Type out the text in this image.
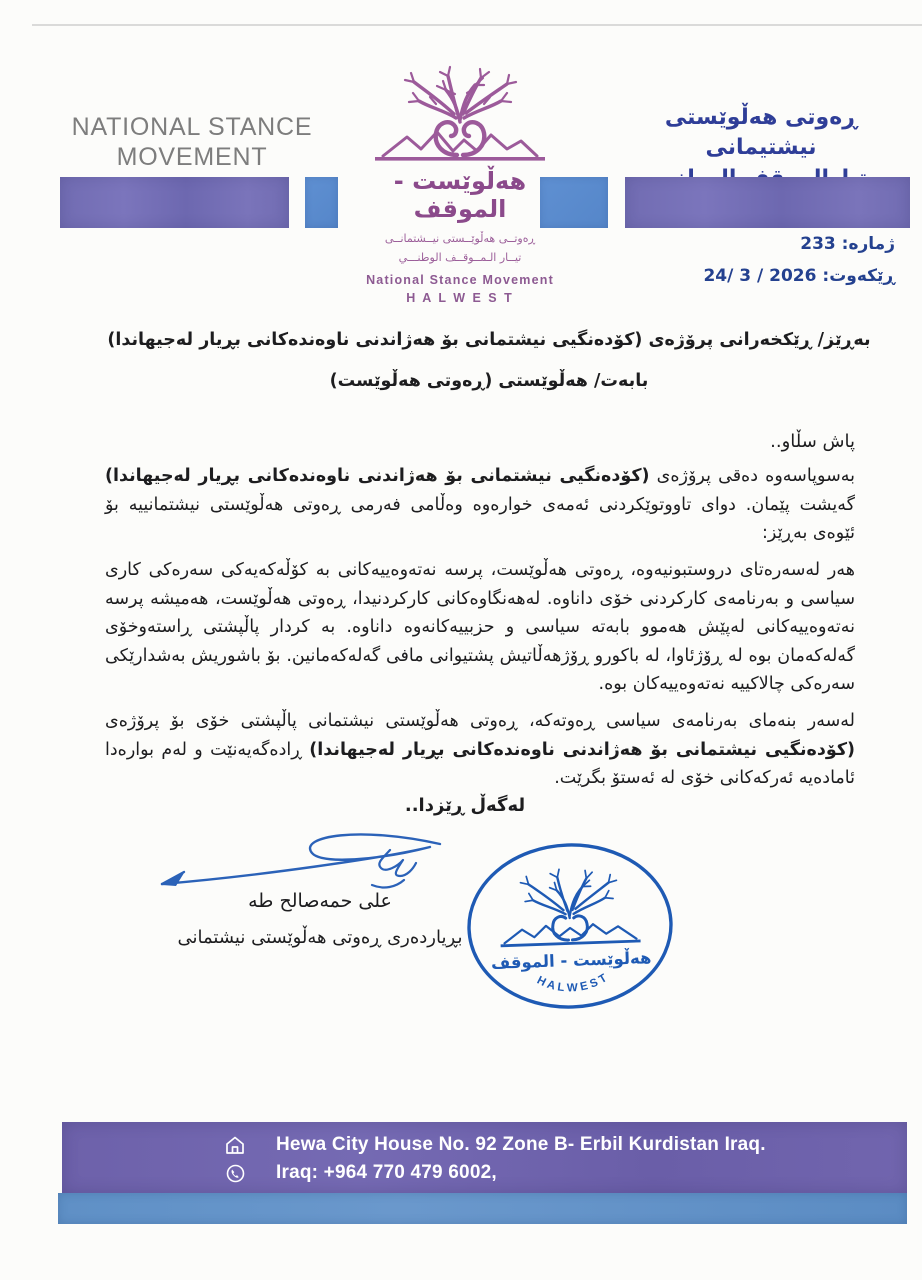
NATIONAL STANCE
MOVEMENT
هەڵوێست - الموقف
ڕەوتــی هەڵوێــستی نیــشتمانــی
تیــار الـمــوقــف الوطنـــي
National Stance Movement
H A L W E S T
ڕەوتی هەڵوێستی نیشتیمانی
ژمارە: 233
ڕێکەوت: 2026 / 3 /24
بەڕێز/ ڕێکخەرانی پرۆژەی (کۆدەنگیی نیشتمانی بۆ هەژاندنی ناوەندەکانی بڕیار لەجیهاندا)
بابەت/ هەڵوێستی (ڕەوتی هەڵوێست)
پاش سڵاو..
بەسوپاسەوە دەقی پرۆژەی (کۆدەنگیی نیشتمانی بۆ هەژاندنی ناوەندەکانی بڕیار لەجیهاندا) گەیشت پێمان. دوای تاووتوێکردنی ئەمەی خوارەوە وەڵامی فەرمی ڕەوتی هەڵوێستی نیشتمانییە بۆ ئێوەی بەڕێز:
هەر لەسەرەتای دروستبونیەوە، ڕەوتی هەڵوێست، پرسە نەتەوەییەکانی بە کۆڵەکەیەکی سەرەکی کاری سیاسی و بەرنامەی کارکردنی خۆی داناوە. لەهەنگاوەکانی کارکردنیدا، ڕەوتی هەڵوێست، هەمیشە پرسە نەتەوەییەکانی لەپێش هەموو بابەتە سیاسی و حزبییەکانەوە داناوە. بە کردار پاڵپشتی ڕاستەوخۆی گەلەکەمان بوە لە ڕۆژئاوا، لە باکورو ڕۆژهەڵاتیش پشتیوانی مافی گەلەکەمانین. بۆ باشوریش بەشدارێکی سەرەکی چالاکییە نەتەوەییەکان بوە.
لەسەر بنەمای بەرنامەی سیاسی ڕەوتەکە، ڕەوتی هەڵوێستی نیشتمانی پاڵپشتی خۆی بۆ پرۆژەی (کۆدەنگیی نیشتمانی بۆ هەژاندنی ناوەندەکانی بڕیار لەجیهاندا) ڕادەگەیەنێت و لەم بوارەدا ئامادەیە ئەرکەکانی خۆی لە ئەستۆ بگرێت.
لەگەڵ ڕێزدا..
علی حمەصالح طە
بڕیاردەری ڕەوتی هەڵوێستی نیشتمانی
هەڵوێست - الموقف
H A L W E S T
Hewa City House No. 92 Zone B- Erbil Kurdistan Iraq.
Iraq: +964 770 479 6002,
